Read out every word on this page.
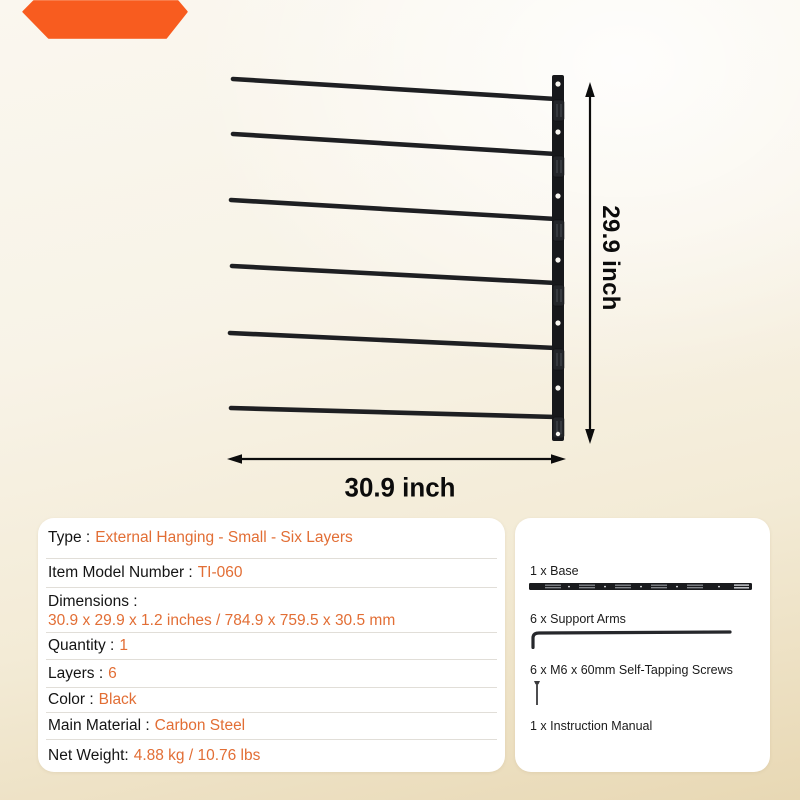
29.9 inch
30.9 inch
Type : External Hanging - Small - Six Layers
Item Model Number : TI-060
Dimensions :
30.9 x 29.9 x 1.2 inches / 784.9 x 759.5 x 30.5 mm
Quantity : 1
Layers : 6
Color : Black
Main Material : Carbon Steel
Net Weight: 4.88 kg / 10.76 lbs
1 x Base
6 x Support Arms
6 x M6 x 60mm Self-Tapping Screws
1 x Instruction Manual
